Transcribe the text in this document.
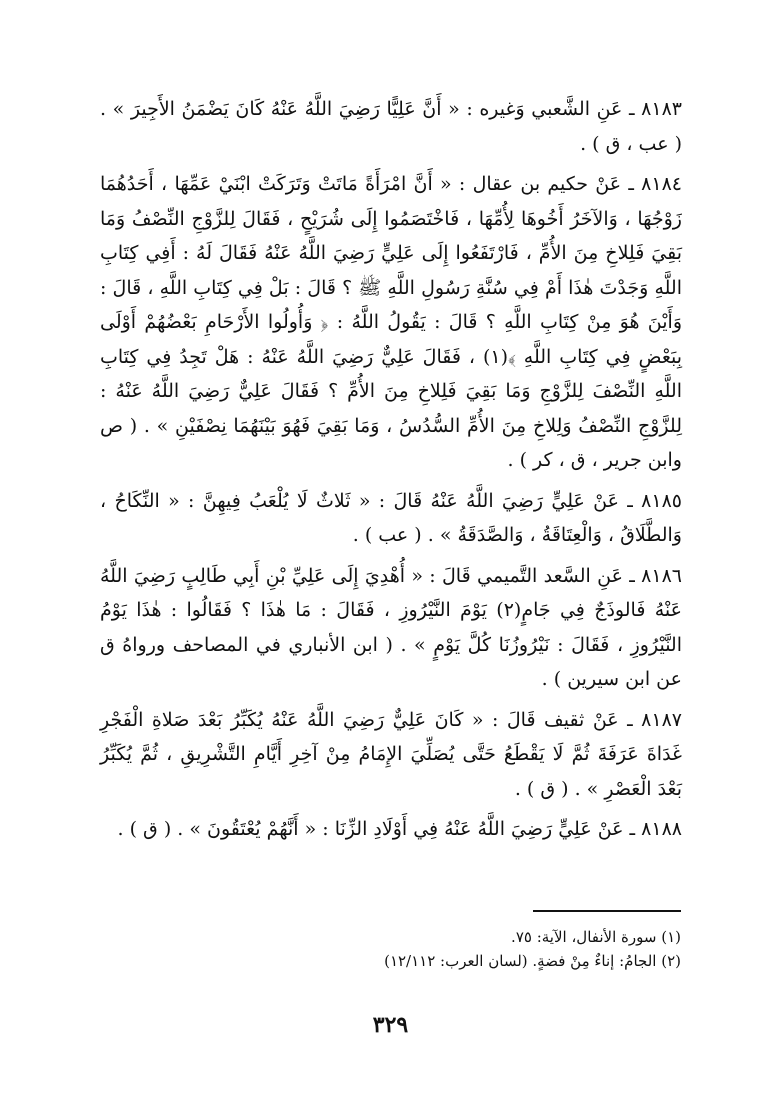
٨١٨٣ ـ عَنِ الشَّعبي وَغيره : « أَنَّ عَلِيًّا رَضِيَ اللَّهُ عَنْهُ كَانَ يَضْمَنُ الأَجِيرَ » . ( عب ، ق ) .

٨١٨٤ ـ عَنْ حكيم بن عقال : « أَنَّ امْرَأَةً مَاتَتْ وَتَرَكَتْ ابْنَيْ عَمِّهَا ، أَحَدُهُمَا زَوْجُهَا ، وَالآخَرُ أَخُوهَا لِأُمِّهَا ، فَاخْتَصَمُوا إِلَى شُرَيْحٍ ، فَقَالَ لِلزَّوْجِ النِّصْفُ وَمَا بَقِيَ فَلِلاخِ مِنَ الأُمِّ ، فَارْتَفَعُوا إِلَى عَلِيٍّ رَضِيَ اللَّهُ عَنْهُ فَقَالَ لَهُ : أَفِي كِتَابِ اللَّهِ وَجَدْتَ هٰذَا أَمْ فِي سُنَّةِ رَسُولِ اللَّهِ ﷺ ؟ قَالَ : بَلْ فِي كِتَابِ اللَّهِ ، قَالَ : وَأَيْنَ هُوَ مِنْ كِتَابِ اللَّهِ ؟ قَالَ : يَقُولُ اللَّهُ : ﴿ وَأُولُوا الأَرْحَامِ بَعْضُهُمْ أَوْلَى بِبَعْضٍ فِي كِتَابِ اللَّهِ ﴾(١) ، فَقَالَ عَلِيٌّ رَضِيَ اللَّهُ عَنْهُ : هَلْ تَجِدُ فِي كِتَابِ اللَّهِ النِّصْفَ لِلزَّوْجِ وَمَا بَقِيَ فَلِلاخِ مِنَ الأُمِّ ؟ فَقَالَ عَلِيٌّ رَضِيَ اللَّهُ عَنْهُ : لِلزَّوْجِ النِّصْفُ وَلِلاخِ مِنَ الأُمِّ السُّدُسُ ، وَمَا بَقِيَ فَهُوَ بَيْنَهُمَا نِصْفَيْنِ » . ( ص وابن جرير ، ق ، كر ) .

٨١٨٥ ـ عَنْ عَلِيٍّ رَضِيَ اللَّهُ عَنْهُ قَالَ : « ثَلاثٌ لَا يُلْعَبُ فِيهِنَّ : « النِّكَاحُ ، وَالطَّلَاقُ ، وَالْعِتَاقَةُ ، وَالصَّدَقَةُ » . ( عب ) .

٨١٨٦ ـ عَنِ السَّعد التَّميمي قَالَ : « أُهْدِيَ إِلَى عَلِيِّ بْنِ أَبِي طَالِبٍ رَضِيَ اللَّهُ عَنْهُ فَالوذَجٌ فِي جَامٍ(٢) يَوْمَ النَّيْرُوزِ ، فَقَالَ : مَا هٰذَا ؟ فَقَالُوا : هٰذَا يَوْمُ النَّيْرُوزِ ، فَقَالَ : نَيْرُوزُنَا كُلَّ يَوْمٍ » . ( ابن الأنباري في المصاحف ورواهُ ق عن ابن سيرين ) .

٨١٨٧ ـ عَنْ ثقيف قَالَ : « كَانَ عَلِيٌّ رَضِيَ اللَّهُ عَنْهُ يُكَبِّرُ بَعْدَ صَلاةِ الْفَجْرِ غَدَاةَ عَرَفَةَ ثُمَّ لَا يَقْطَعُ حَتَّى يُصَلِّيَ الإِمَامُ مِنْ آخِرِ أَيَّامِ التَّشْرِيقِ ، ثُمَّ يُكَبِّرُ بَعْدَ الْعَصْرِ » . ( ق ) .

٨١٨٨ ـ عَنْ عَلِيٍّ رَضِيَ اللَّهُ عَنْهُ فِي أَوْلَادِ الزِّنَا : « أَنَّهُمْ يُعْتَقُونَ » . ( ق ) .

(١) سورة الأنفال، الآية: ٧٥.

(٢) الجامُ: إناءٌ مِنْ فضةٍ. (لسان العرب: ١٢/١١٢)

٣٢٩
